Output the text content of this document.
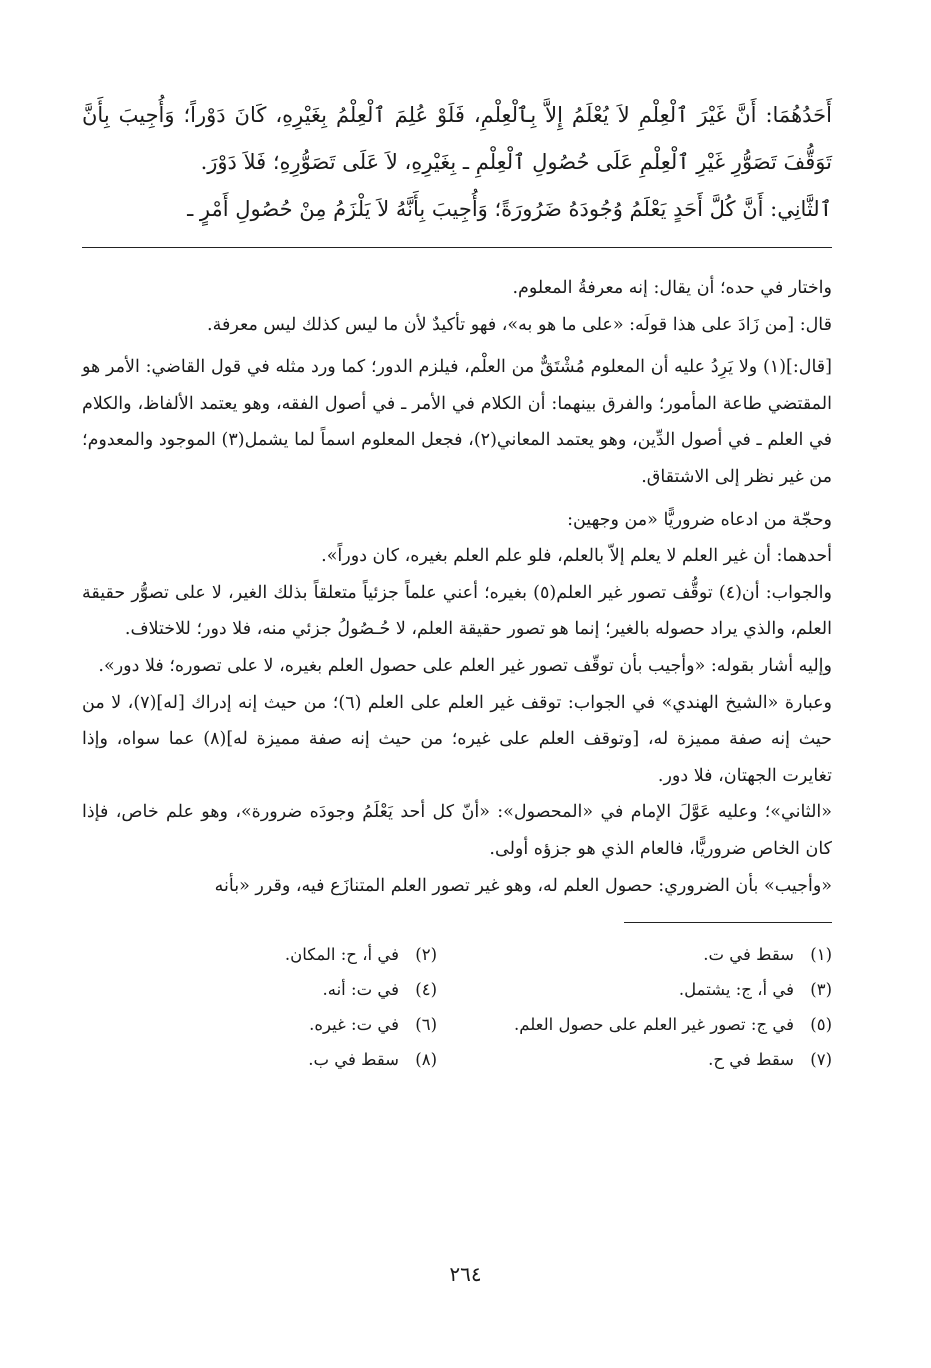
أَحَدُهُمَا: أَنَّ غَيْرَ ٱلْعِلْمِ لاَ يُعْلَمُ إِلاَّ بِٱلْعِلْمِ، فَلَوْ عُلِمَ ٱلْعِلْمُ بِغَيْرِهِ، كَانَ دَوْراً؛ وَأُجِيبَ بِأَنَّ تَوَقُّفَ تَصَوُّرِ غَيْرِ ٱلْعِلْمِ عَلَى حُصُولِ ٱلْعِلْمِ ـ بِغَيْرِهِ، لاَ عَلَى تَصَوُّرِهِ؛ فَلاَ دَوْرَ.

ٱلثَّانِي: أَنَّ كُلَّ أَحَدٍ يَعْلَمُ وُجُودَهُ ضَرُورَةً؛ وَأُجِيبَ بِأَنَّهُ لاَ يَلْزَمُ مِنْ حُصُولِ أَمْرٍ ـ

واختار في حده؛ أن يقال: إنه معرفةُ المعلوم.

قال: [من زَادَ على هذا قولَه: «على ما هو به»، فهو تأكيدٌ لأن ما ليس كذلك ليس معرفة.

[قال:](١) ولا يَرِدُ عليه أن المعلوم مُشْتَقٌّ من العلْم، فيلزم الدور؛ كما ورد مثله في قول القاضي: الأمر هو المقتضي طاعة المأمور؛ والفرق بينهما: أن الكلام في الأمر ـ في أصول الفقه، وهو يعتمد الألفاظ، والكلام في العلم ـ في أصول الدِّين، وهو يعتمد المعاني(٢)، فجعل المعلوم اسماً لما يشمل(٣) الموجود والمعدوم؛ من غير نظر إلى الاشتقاق.

وحجّة من ادعاه ضروريًّا «من وجهين:

أحدهما: أن غير العلم لا يعلم إلاّ بالعلم، فلو علم العلم بغيره، كان دوراً».

والجواب: أن(٤) توقُّف تصور غير العلم(٥) بغيره؛ أعني علماً جزئياً متعلقاً بذلك الغير، لا على تصوُّر حقيقة العلم، والذي يراد حصوله بالغير؛ إنما هو تصور حقيقة العلم، لا حُـصُولُ جزئي منه، فلا دور؛ للاختلاف.

وإليه أشار بقوله: «وأجيب بأن توقّف تصور غير العلم على حصول العلم بغيره، لا على تصوره؛ فلا دور».

وعبارة «الشيخ الهندي» في الجواب: توقف غير العلم على العلم (٦)؛ من حيث إنه إدراك [له](٧)، لا من حيث إنه صفة مميزة له، [وتوقف العلم على غيره؛ من حيث إنه صفة مميزة له](٨) عما سواه، وإذا تغايرت الجهتان، فلا دور.

«الثاني»؛ وعليه عَوَّلَ الإمام في «المحصول»: «أنّ كل أحد يَعْلَمُ وجودَه ضرورة»، وهو علم خاص، فإذا كان الخاص ضروريًّا، فالعام الذي هو جزؤه أولى.

«وأجيب» بأن الضروري: حصول العلم له، وهو غير تصور العلم المتنازَع فيه، وقرر «بأنه

(١)
سقط في ت.
(٢)
في أ، ح: المكان.
(٣)
في أ، ج: يشتمل.
(٤)
في ت: أنه.
(٥)
في ج: تصور غير العلم على حصول العلم.
(٦)
في ت: غيره.
(٧)
سقط في ح.
(٨)
سقط في ب.
٢٦٤
